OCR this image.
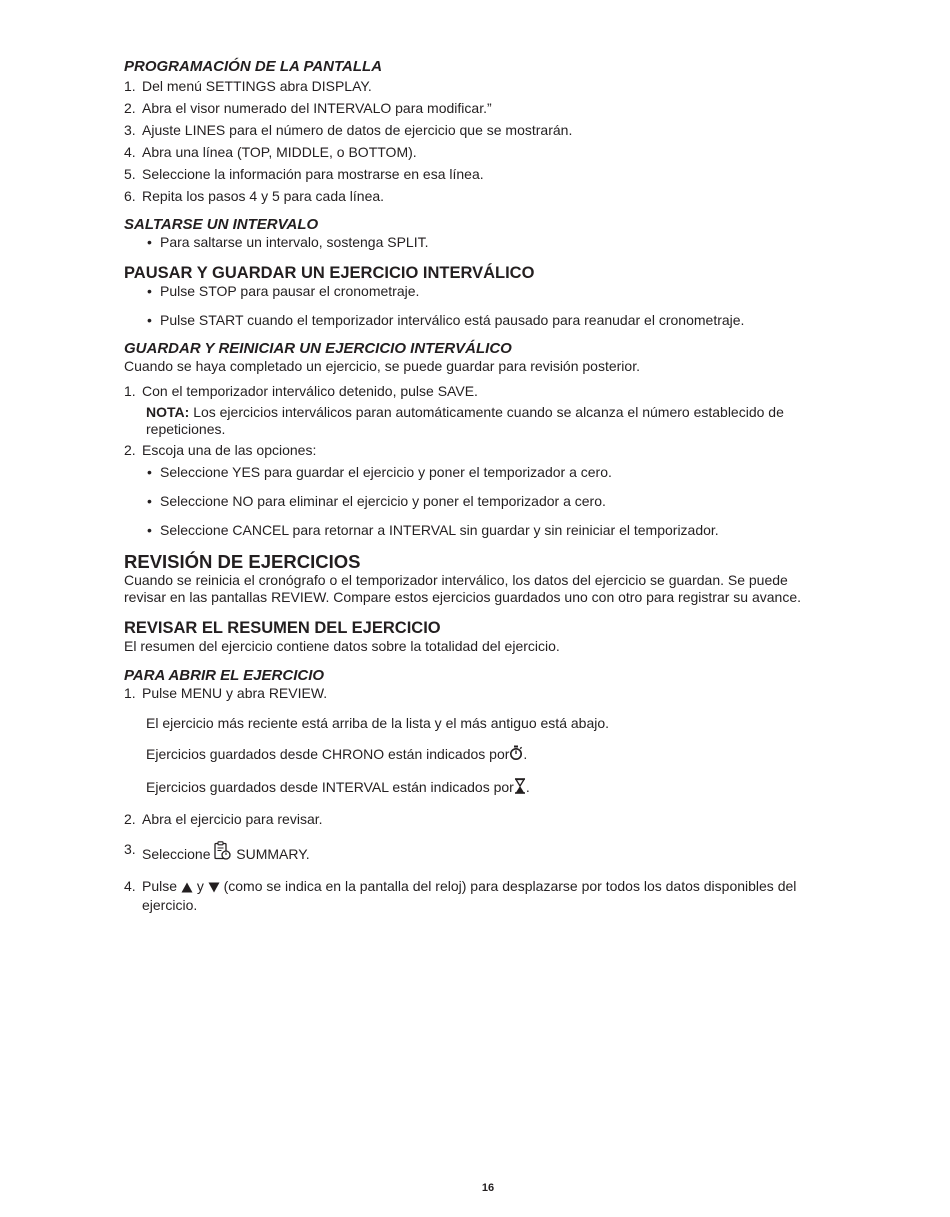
PROGRAMACIÓN DE LA PANTALLA
1. Del menú SETTINGS abra DISPLAY.
2. Abra el visor numerado del INTERVALO para modificar.”
3. Ajuste LINES para el número de datos de ejercicio que se mostrarán.
4. Abra una línea (TOP, MIDDLE, o BOTTOM).
5. Seleccione la información para mostrarse en esa línea.
6. Repita los pasos 4 y 5 para cada línea.
SALTARSE UN INTERVALO
• Para saltarse un intervalo, sostenga SPLIT.
PAUSAR Y GUARDAR UN EJERCICIO INTERVÁLICO
• Pulse STOP para pausar el cronometraje.
• Pulse START cuando el temporizador interválico está pausado para reanudar el cronometraje.
GUARDAR Y REINICIAR UN EJERCICIO INTERVÁLICO
Cuando se haya completado un ejercicio, se puede guardar para revisión posterior.
1. Con el temporizador interválico detenido, pulse SAVE.
NOTA: Los ejercicios interválicos paran automáticamente cuando se alcanza el número establecido de repeticiones.
2. Escoja una de las opciones:
• Seleccione YES para guardar el ejercicio y poner el temporizador a cero.
• Seleccione NO para eliminar el ejercicio y poner el temporizador a cero.
• Seleccione CANCEL para retornar a INTERVAL sin guardar y sin reiniciar el temporizador.
REVISIÓN DE EJERCICIOS
Cuando se reinicia el cronógrafo o el temporizador interválico, los datos del ejercicio se guardan. Se puede revisar en las pantallas REVIEW. Compare estos ejercicios guardados uno con otro para registrar su avance.
REVISAR EL RESUMEN DEL EJERCICIO
El resumen del ejercicio contiene datos sobre la totalidad del ejercicio.
PARA ABRIR EL EJERCICIO
1. Pulse MENU y abra REVIEW.
El ejercicio más reciente está arriba de la lista y el más antiguo está abajo.
Ejercicios guardados desde CHRONO están indicados por .
Ejercicios guardados desde INTERVAL están indicados por .
2. Abra el ejercicio para revisar.
3. Seleccione SUMMARY.
4. Pulse y (como se indica en la pantalla del reloj) para desplazarse por todos los datos disponibles del ejercicio.
16
